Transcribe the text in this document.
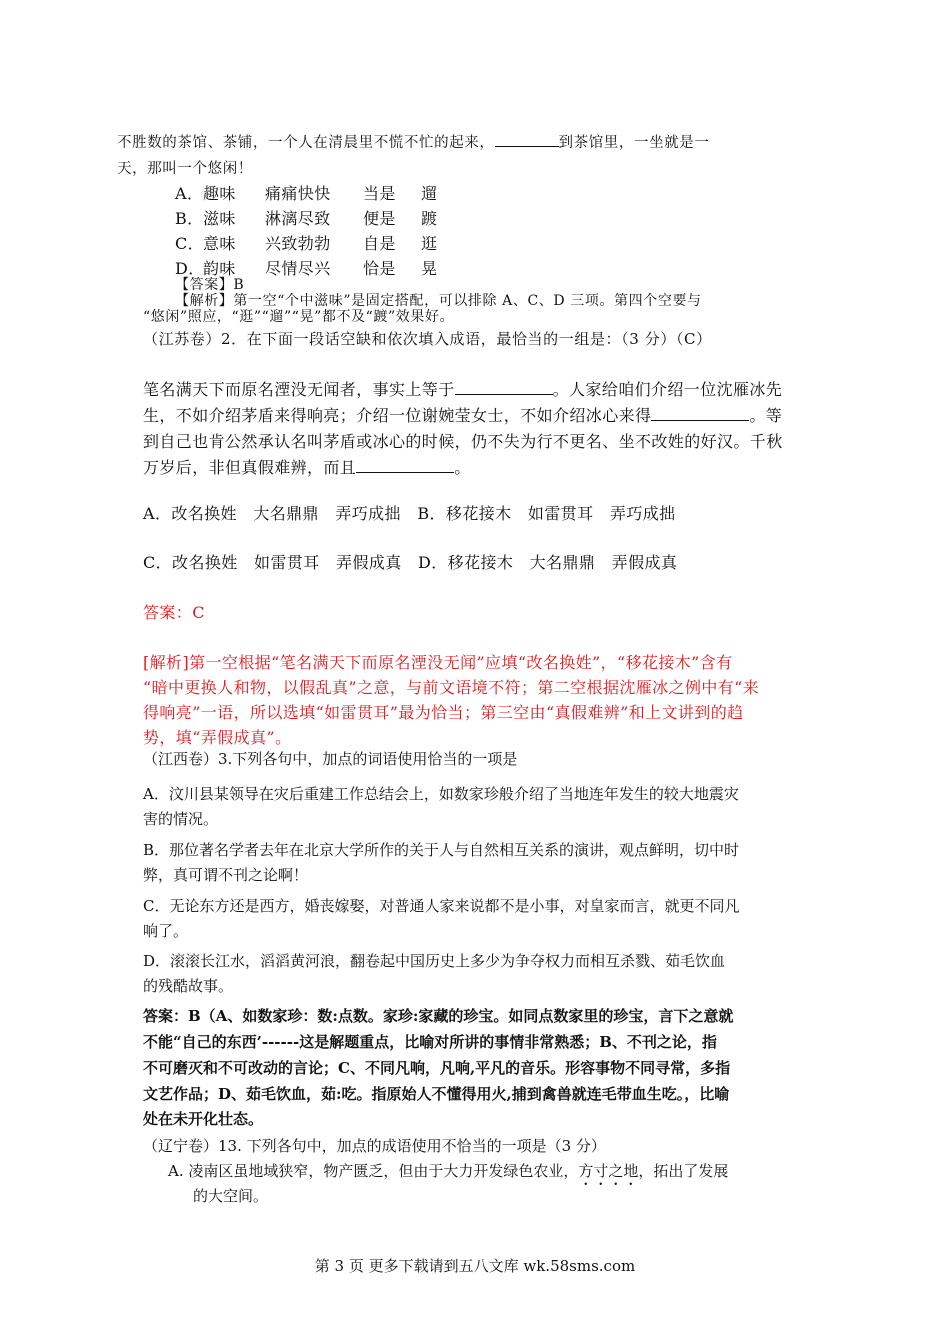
不胜数的茶馆、茶铺，一个人在清晨里不慌不忙的起来，	到茶馆里，一坐就是一
天，那叫一个悠闲！
A．趣味 痛痛快快 当是 遛
B．滋味 淋漓尽致 便是 踱
C．意味 兴致勃勃 自是 逛
D．韵味 尽情尽兴 恰是 晃
【答案】B
【解析】第一空“个中滋味”是固定搭配，可以排除 A、C、D 三项。第四个空要与
“悠闲”照应，“逛”“遛”“晃”都不及“踱”效果好。
（江苏卷）2．在下面一段话空缺和依次填入成语，最恰当的一组是：（3 分）（C）
笔名满天下而原名湮没无闻者，事实上等于	。人家给咱们介绍一位沈雁冰先
生，不如介绍茅盾来得响亮；介绍一位谢婉莹女士，不如介绍冰心来得	。等
到自己也肯公然承认名叫茅盾或冰心的时候，仍不失为行不更名、坐不改姓的好汉。千秋
万岁后，非但真假难辨，而且	。
A．改名换姓　大名鼎鼎　弄巧成拙　B．移花接木　如雷贯耳　弄巧成拙
C．改名换姓　如雷贯耳　弄假成真　D．移花接木　大名鼎鼎　弄假成真
答案：C
[解析]第一空根据“笔名满天下而原名湮没无闻”应填“改名换姓”，“移花接木”含有
“暗中更换人和物，以假乱真”之意，与前文语境不符；第二空根据沈雁冰之例中有“来
得响亮”一语，所以选填“如雷贯耳”最为恰当；第三空由“真假难辨”和上文讲到的趋
势，填“弄假成真”。
（江西卷）3.下列各句中，加点的词语使用恰当的一项是
A．汶川县某领导在灾后重建工作总结会上，如数家珍般介绍了当地连年发生的较大地震灾
害的情况。
B．那位著名学者去年在北京大学所作的关于人与自然相互关系的演讲，观点鲜明，切中时
弊，真可谓不刊之论啊！
C．无论东方还是西方，婚丧嫁娶，对普通人家来说都不是小事，对皇家而言，就更不同凡
响了。
D．滚滚长江水，滔滔黄河浪，翻卷起中国历史上多少为争夺权力而相互杀戮、茹毛饮血
的残酷故事。
答案：B（A、如数家珍：数:点数。家珍:家藏的珍宝。如同点数家里的珍宝，言下之意就
不能“自己的东西’------这是解题重点，比喻对所讲的事情非常熟悉；B、不刊之论，指
不可磨灭和不可改动的言论；C、不同凡响，凡响,平凡的音乐。形容事物不同寻常，多指
文艺作品；D、茹毛饮血，茹:吃。指原始人不懂得用火,捕到禽兽就连毛带血生吃。，比喻
处在未开化壮态。
（辽宁卷）13. 下列各句中，加点的成语使用不恰当的一项是（3 分）
A. 凌南区虽地域狭窄，物产匮乏，但由于大力开发绿色农业，方寸之地，拓出了发展
的大空间。
第 3 页 更多下载请到五八文库 wk.58sms.com
